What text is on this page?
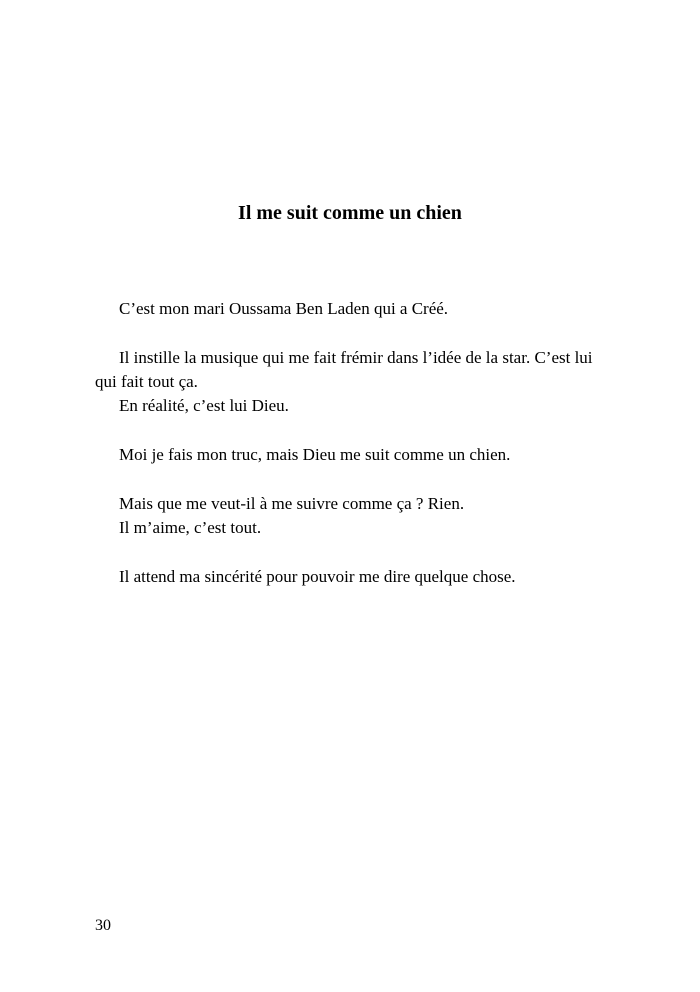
Il me suit comme un chien

C’est mon mari Oussama Ben Laden qui a Créé.

Il instille la musique qui me fait frémir dans l’idée de la star. C’est lui qui fait tout ça.

En réalité, c’est lui Dieu.

Moi je fais mon truc, mais Dieu me suit comme un chien.

Mais que me veut-il à me suivre comme ça ? Rien.

Il m’aime, c’est tout.

Il attend ma sincérité pour pouvoir me dire quelque chose.

30
